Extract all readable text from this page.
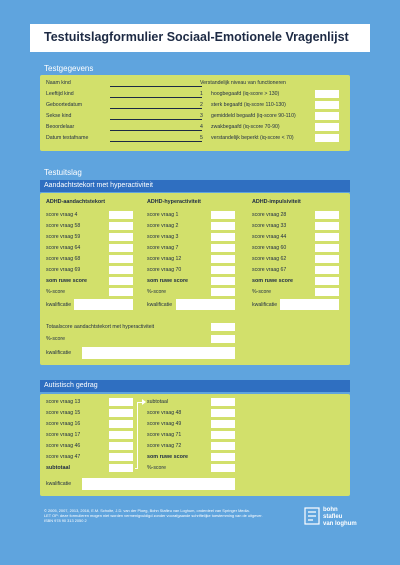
Testuitslagformulier Sociaal-Emotionele Vragenlijst
Testgegevens
Naam kind
Leeftijd kind
Geboortedatum
Sekse kind
Beoordelaar
Datum testafname
Verstandelijk niveau van functioneren
1 hoogbegaafd (iq-score > 130)
2 sterk begaafd (iq-score 110-130)
3 gemiddeld begaafd (iq-score 90-110)
4 zwakbegaafd (iq-score 70-90)
5 verstandelijk beperkt (iq-score < 70)
Testuitslag
Aandachtstekort met hyperactiviteit
ADHD-aandachtstekort
score vraag 4
score vraag 58
score vraag 59
score vraag 64
score vraag 68
score vraag 69
som ruwe score
%-score
kwalificatie
ADHD-hyperactiviteit
score vraag 1
score vraag 2
score vraag 3
score vraag 7
score vraag 12
score vraag 70
som ruwe score
%-score
kwalificatie
ADHD-impulsiviteit
score vraag 28
score vraag 33
score vraag 44
score vraag 60
score vraag 62
score vraag 67
som ruwe score
%-score
kwalificatie
Totaalscore aandachtstekort met hyperactiviteit
%-score
kwalificatie
Autistisch gedrag
score vraag 13
score vraag 15
score vraag 16
score vraag 17
score vraag 46
score vraag 47
subtotaal
kwalificatie
subtotaal
score vraag 48
score vraag 49
score vraag 71
score vraag 72
som ruwe score
%-score
© 2005, 2007, 2013, 2016, E.M. Scholte, J.D. van der Ploeg, Bohn Stafleu van Loghum, onderdeel van Springer Media.
LET OP: deze formulieren mogen niet worden vermenigvuldigd zonder voorafgaande schriftelijke toestemming van de uitgever.
ISBN 978 90 313 2050 2
bohn
stafleu
van loghum
